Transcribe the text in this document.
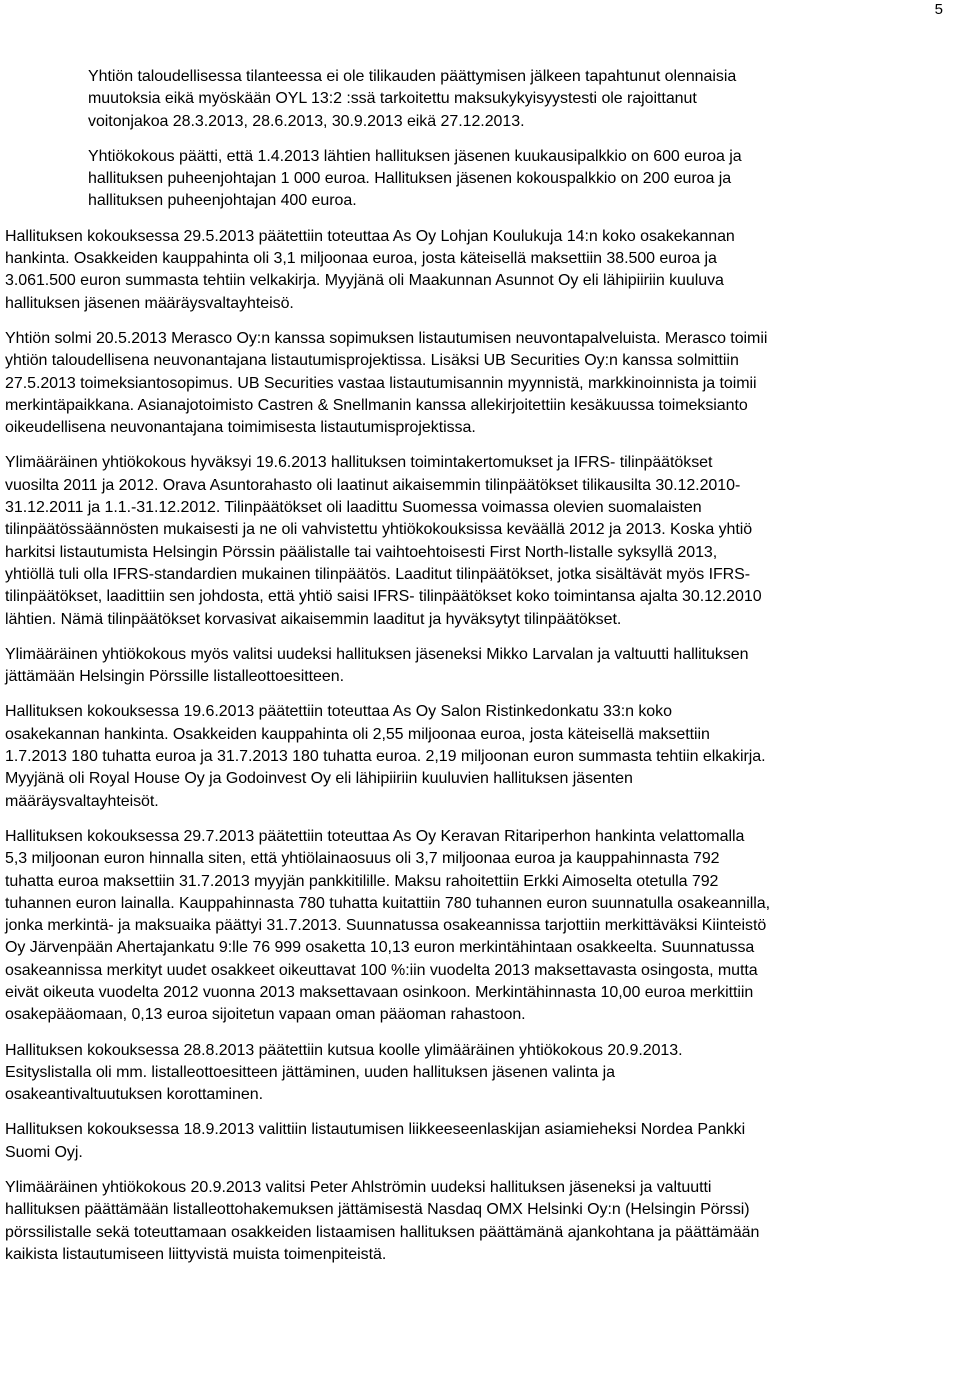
5

Yhtiön taloudellisessa tilanteessa ei ole tilikauden päättymisen jälkeen tapahtunut olennaisia
muutoksia eikä myöskään OYL 13:2 :ssä tarkoitettu maksukykyisyystesti ole rajoittanut
voitonjakoa 28.3.2013, 28.6.2013, 30.9.2013 eikä 27.12.2013.

Yhtiökokous päätti, että 1.4.2013 lähtien hallituksen jäsenen kuukausipalkkio on 600 euroa ja
hallituksen puheenjohtajan 1 000 euroa. Hallituksen jäsenen kokouspalkkio on 200 euroa ja
hallituksen puheenjohtajan 400 euroa.

Hallituksen kokouksessa 29.5.2013 päätettiin toteuttaa As Oy Lohjan Koulukuja 14:n koko osakekannan
hankinta. Osakkeiden kauppahinta oli 3,1 miljoonaa euroa, josta käteisellä maksettiin 38.500 euroa ja
3.061.500 euron summasta tehtiin velkakirja. Myyjänä oli Maakunnan Asunnot Oy eli lähipiiriin kuuluva
hallituksen jäsenen määräysvaltayhteisö.

Yhtiön solmi 20.5.2013 Merasco Oy:n kanssa sopimuksen listautumisen neuvontapalveluista. Merasco toimii
yhtiön taloudellisena neuvonantajana listautumisprojektissa. Lisäksi UB Securities Oy:n kanssa solmittiin
27.5.2013 toimeksiantosopimus. UB Securities vastaa listautumisannin myynnistä, markkinoinnista ja toimii
merkintäpaikkana. Asianajotoimisto Castren & Snellmanin kanssa allekirjoitettiin kesäkuussa toimeksianto
oikeudellisena neuvonantajana toimimisesta listautumisprojektissa.

Ylimääräinen yhtiökokous hyväksyi 19.6.2013 hallituksen toimintakertomukset ja IFRS- tilinpäätökset
vuosilta 2011 ja 2012. Orava Asuntorahasto oli laatinut aikaisemmin tilinpäätökset tilikausilta 30.12.2010-
31.12.2011 ja 1.1.-31.12.2012. Tilinpäätökset oli laadittu Suomessa voimassa olevien suomalaisten
tilinpäätössäännösten mukaisesti ja ne oli vahvistettu yhtiökokouksissa keväällä 2012 ja 2013. Koska yhtiö
harkitsi listautumista Helsingin Pörssin päälistalle tai vaihtoehtoisesti First North-listalle syksyllä 2013,
yhtiöllä tuli olla IFRS-standardien mukainen tilinpäätös. Laaditut tilinpäätökset, jotka sisältävät myös IFRS-
tilinpäätökset, laadittiin sen johdosta, että yhtiö saisi IFRS- tilinpäätökset koko toimintansa ajalta 30.12.2010
lähtien. Nämä tilinpäätökset korvasivat aikaisemmin laaditut ja hyväksytyt tilinpäätökset.

Ylimääräinen yhtiökokous myös valitsi uudeksi hallituksen jäseneksi Mikko Larvalan ja valtuutti hallituksen
jättämään Helsingin Pörssille listalleottoesitteen.

Hallituksen kokouksessa 19.6.2013 päätettiin toteuttaa As Oy Salon Ristinkedonkatu 33:n koko
osakekannan hankinta. Osakkeiden kauppahinta oli 2,55 miljoonaa euroa, josta käteisellä maksettiin
1.7.2013 180 tuhatta euroa ja 31.7.2013 180 tuhatta euroa. 2,19 miljoonan euron summasta tehtiin elkakirja.
Myyjänä oli Royal House Oy ja Godoinvest Oy eli lähipiiriin kuuluvien hallituksen jäsenten
määräysvaltayhteisöt.

Hallituksen kokouksessa 29.7.2013 päätettiin toteuttaa As Oy Keravan Ritariperhon hankinta velattomalla
5,3 miljoonan euron hinnalla siten, että yhtiölainaosuus oli 3,7 miljoonaa euroa ja kauppahinnasta 792
tuhatta euroa maksettiin 31.7.2013 myyjän pankkitilille. Maksu rahoitettiin Erkki Aimoselta otetulla 792
tuhannen euron lainalla. Kauppahinnasta 780 tuhatta kuitattiin 780 tuhannen euron suunnatulla osakeannilla,
jonka merkintä- ja maksuaika päättyi 31.7.2013. Suunnatussa osakeannissa tarjottiin merkittäväksi Kiinteistö
Oy Järvenpään Ahertajankatu 9:lle 76 999 osaketta 10,13 euron merkintähintaan osakkeelta. Suunnatussa
osakeannissa merkityt uudet osakkeet oikeuttavat 100 %:iin vuodelta 2013 maksettavasta osingosta, mutta
eivät oikeuta vuodelta 2012 vuonna 2013 maksettavaan osinkoon. Merkintähinnasta 10,00 euroa merkittiin
osakepääomaan, 0,13 euroa sijoitetun vapaan oman pääoman rahastoon.

Hallituksen kokouksessa 28.8.2013 päätettiin kutsua koolle ylimääräinen yhtiökokous 20.9.2013.
Esityslistalla oli mm. listalleottoesitteen jättäminen, uuden hallituksen jäsenen valinta ja
osakeantivaltuutuksen korottaminen.

Hallituksen kokouksessa 18.9.2013 valittiin listautumisen liikkeeseenlaskijan asiamieheksi Nordea Pankki
Suomi Oyj.

Ylimääräinen yhtiökokous 20.9.2013 valitsi Peter Ahlströmin uudeksi hallituksen jäseneksi ja valtuutti
hallituksen päättämään listalleottohakemuksen jättämisestä Nasdaq OMX Helsinki Oy:n (Helsingin Pörssi)
pörssilistalle sekä toteuttamaan osakkeiden listaamisen hallituksen päättämänä ajankohtana ja päättämään
kaikista listautumiseen liittyvistä muista toimenpiteistä.
